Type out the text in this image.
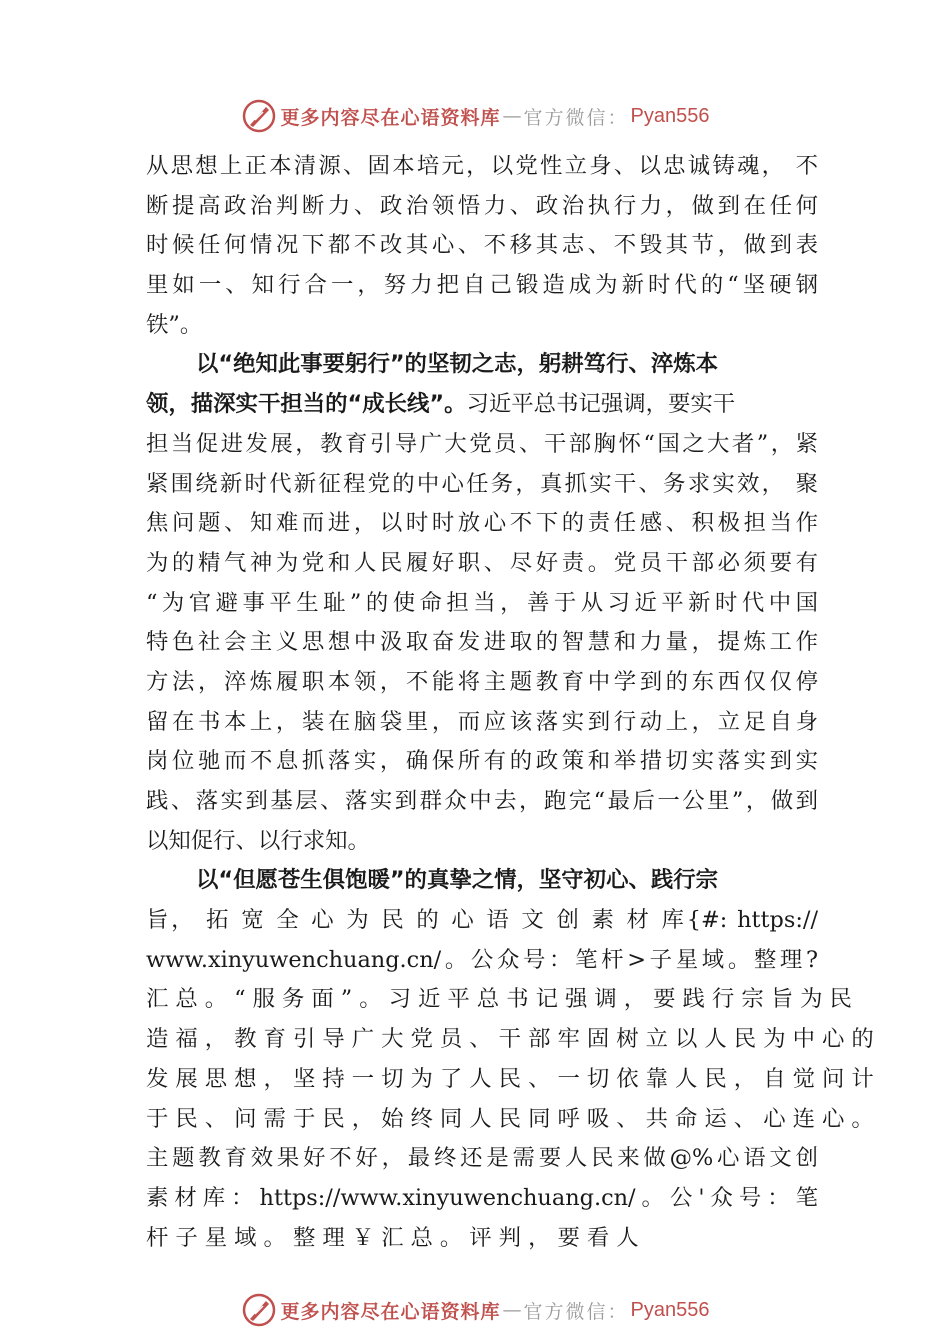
更多内容尽在心语资料库 — 官方微信： Pyan556
从思想上正本清源、固本培元，以党性立身、以忠诚铸魂， 不
断提高政治判断力、政治领悟力、政治执行力，做到在任何
时候任何情况下都不改其心、不移其志、不毁其节，做到表
里如一、知行合一，努力把自己锻造成为新时代的“坚硬钢
铁”。
以“绝知此事要躬行”的坚韧之志，躬耕笃行、淬炼本
领，描深实干担当的“成长线”。习近平总书记强调，要实干
担当促进发展，教育引导广大党员、干部胸怀“国之大者”，紧
紧围绕新时代新征程党的中心任务，真抓实干、务求实效， 聚
焦问题、知难而进，以时时放心不下的责任感、积极担当作
为的精气神为党和人民履好职、尽好责。党员干部必须要有
“为官避事平生耻”的使命担当，善于从习近平新时代中国
特色社会主义思想中汲取奋发进取的智慧和力量，提炼工作
方法，淬炼履职本领，不能将主题教育中学到的东西仅仅停
留在书本上，装在脑袋里，而应该落实到行动上，立足自身
岗位驰而不息抓落实，确保所有的政策和举措切实落实到实
践、落实到基层、落实到群众中去，跑完“最后一公里”，做到
以知促行、以行求知。
以“但愿苍生俱饱暖”的真挚之情，坚守初心、践行宗
旨， 拓 宽 全 心 为 民 的 心 语 文 创 素 材 库{#: https://
www.xinyuwenchuang.cn/。公众号：笔杆>子星域。整理?
汇总。“服务面”。习近平总书记强调，要践行宗旨为民
造福，教育引导广大党员、干部牢固树立以人民为中心的
发展思想，坚持一切为了人民、一切依靠人民，自觉问计
于民、问需于民，始终同人民同呼吸、共命运、心连心。
主题教育效果好不好，最终还是需要人民来做@%心语文创
素材库：https://www.xinyuwenchuang.cn/。公'众号：笔
杆子星域。整理￥汇总。评判，要看人
更多内容尽在心语资料库 — 官方微信： Pyan556
